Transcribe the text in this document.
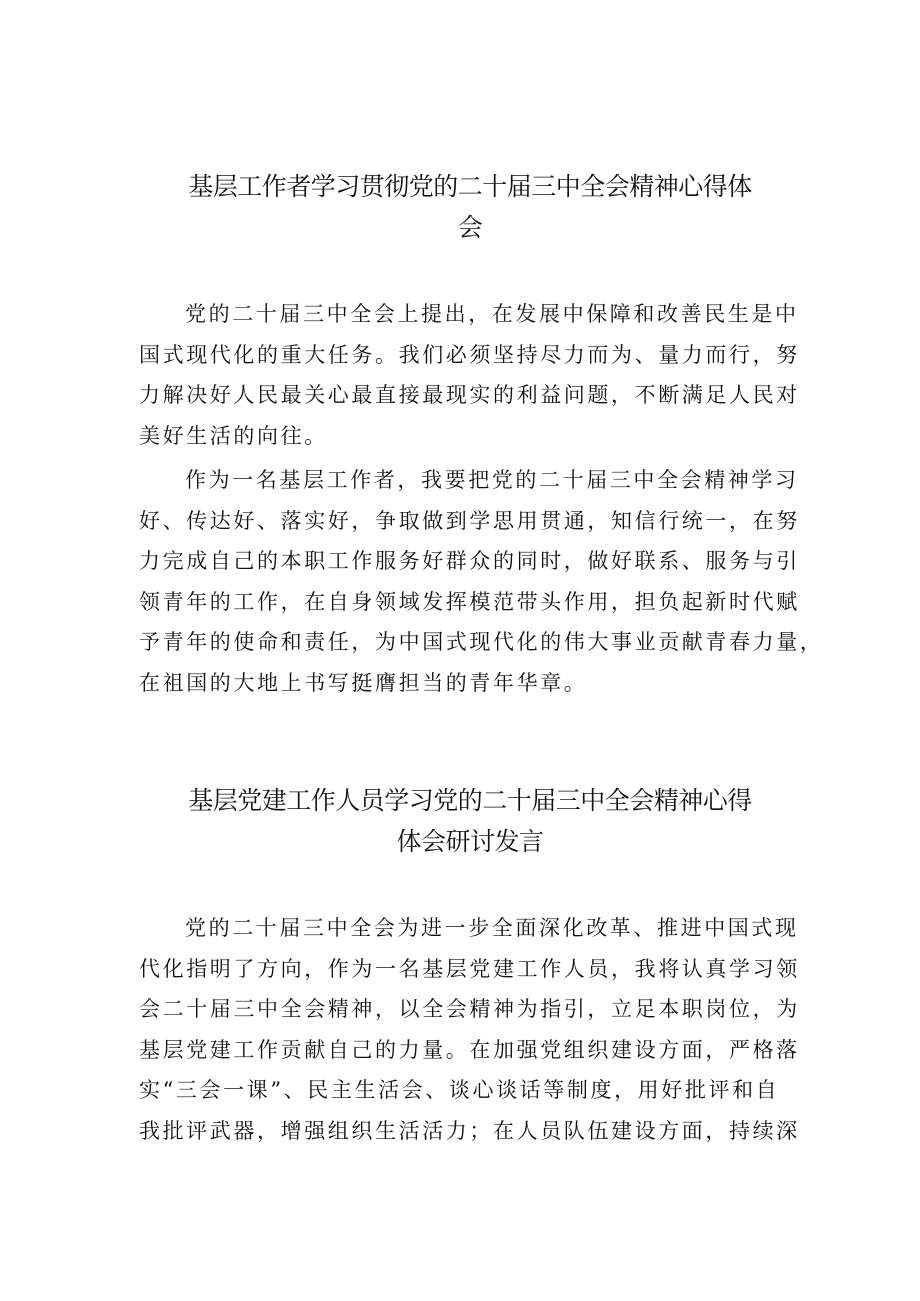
基层工作者学习贯彻党的二十届三中全会精神心得体
会
党的二十届三中全会上提出，在发展中保障和改善民生是中
国式现代化的重大任务。我们必须坚持尽力而为、量力而行，努
力解决好人民最关心最直接最现实的利益问题，不断满足人民对
美好生活的向往。
作为一名基层工作者，我要把党的二十届三中全会精神学习
好、传达好、落实好，争取做到学思用贯通，知信行统一，在努
力完成自己的本职工作服务好群众的同时，做好联系、服务与引
领青年的工作，在自身领域发挥模范带头作用，担负起新时代赋
予青年的使命和责任，为中国式现代化的伟大事业贡献青春力量，
在祖国的大地上书写挺膺担当的青年华章。
基层党建工作人员学习党的二十届三中全会精神心得
体会研讨发言
党的二十届三中全会为进一步全面深化改革、推进中国式现
代化指明了方向，作为一名基层党建工作人员，我将认真学习领
会二十届三中全会精神，以全会精神为指引，立足本职岗位，为
基层党建工作贡献自己的力量。在加强党组织建设方面，严格落
实“三会一课”、民主生活会、谈心谈话等制度，用好批评和自
我批评武器，增强组织生活活力；在人员队伍建设方面，持续深
